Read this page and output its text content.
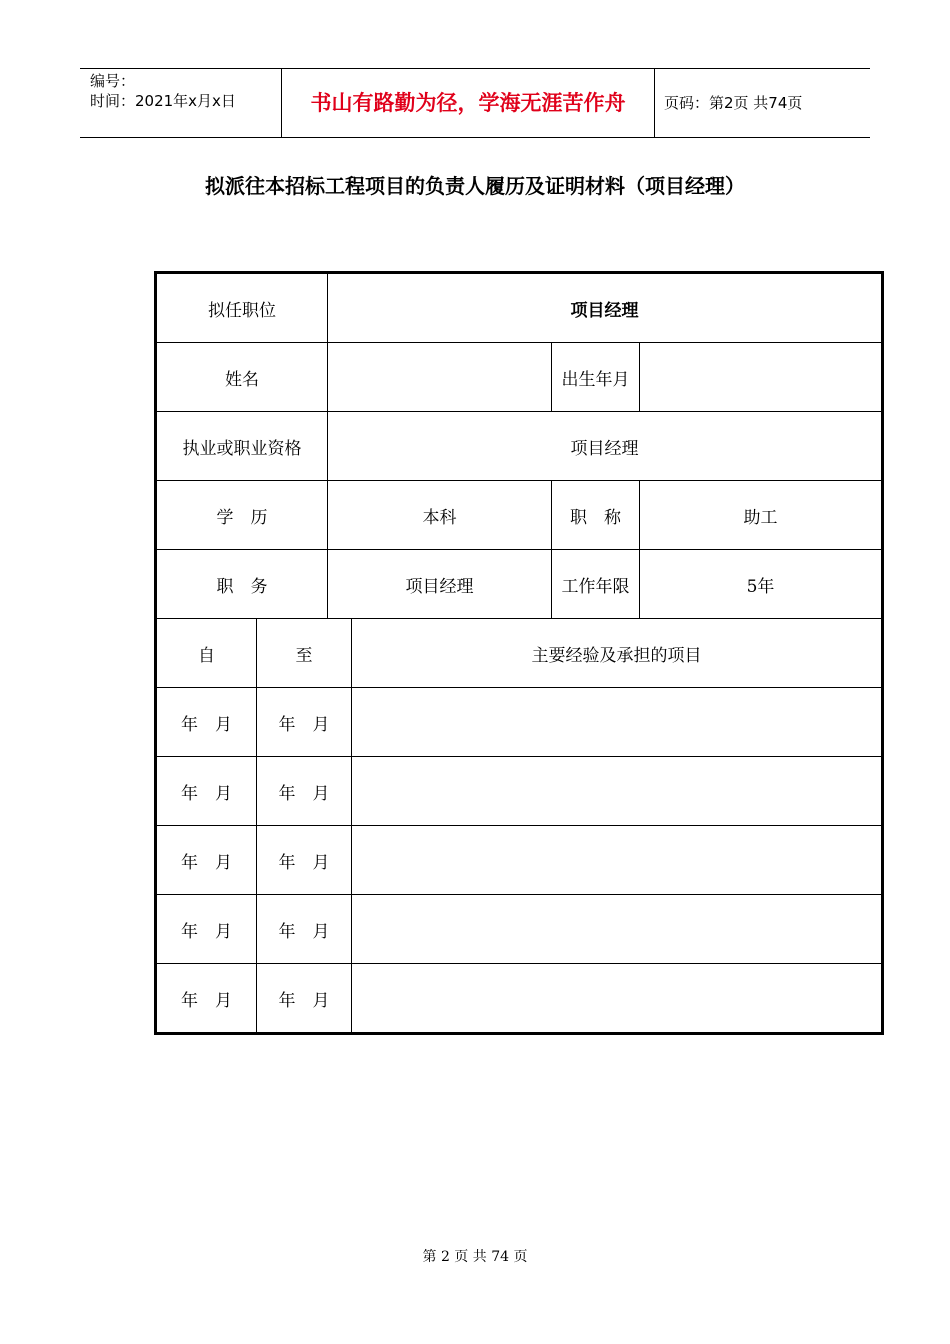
编号：
时间：2021年x月x日	书山有路勤为径，学海无涯苦作舟	页码：第2页 共74页
拟派往本招标工程项目的负责人履历及证明材料（项目经理）
拟任职位		项目经理			
姓名				出生年月	
执业或职业资格		项目经理			
学　历		本科		职　称	助工
职　务		项目经理		工作年限	5年
自	至		主要经验及承担的项目		
年　月	年　月				
年　月	年　月				
年　月	年　月				
年　月	年　月				
年　月	年　月				
第 2 页 共 74 页
